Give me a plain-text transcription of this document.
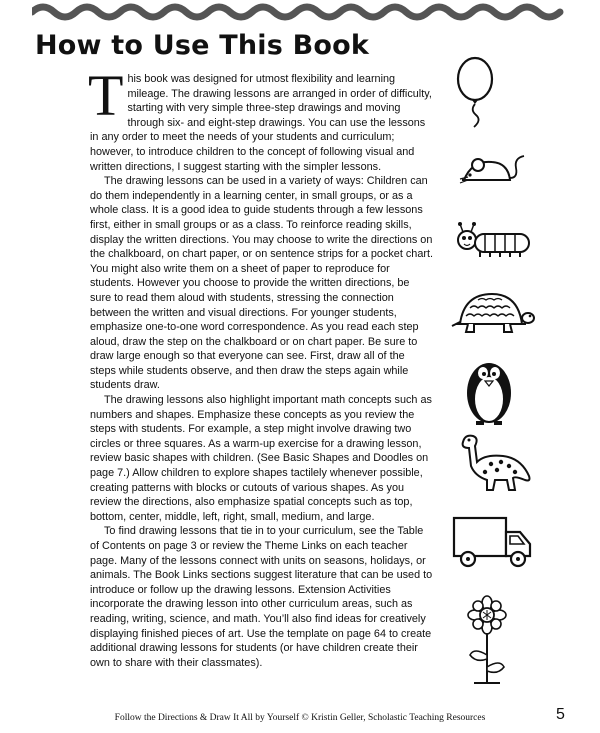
How to Use This Book

This book was designed for utmost flexibility and learning mileage. The drawing lessons are arranged in order of difficulty, starting with very simple three-step drawings and moving through six- and eight-step drawings. You can use the lessons in any order to meet the needs of your students and curriculum; however, to introduce children to the concept of following visual and written directions, I suggest starting with the simpler lessons.

The drawing lessons can be used in a variety of ways: Children can do them independently in a learning center, in small groups, or as a whole class. It is a good idea to guide students through a few lessons first, either in small groups or as a class. To reinforce reading skills, display the written directions. You may choose to write the directions on the chalkboard, on chart paper, or on sentence strips for a pocket chart. You might also write them on a sheet of paper to reproduce for students. However you choose to provide the written directions, be sure to read them aloud with students, stressing the connection between the written and visual directions. For younger students, emphasize one-to-one word correspondence. As you read each step aloud, draw the step on the chalkboard or on chart paper. Be sure to draw large enough so that everyone can see. First, draw all of the steps while students observe, and then draw the steps again while students draw.

The drawing lessons also highlight important math concepts such as numbers and shapes. Emphasize these concepts as you review the steps with students. For example, a step might involve drawing two circles or three squares. As a warm-up exercise for a drawing lesson, review basic shapes with children. (See Basic Shapes and Doodles on page 7.) Allow children to explore shapes tactilely whenever possible, creating patterns with blocks or cutouts of various shapes. As you review the directions, also emphasize spatial concepts such as top, bottom, center, middle, left, right, small, medium, and large.

To find drawing lessons that tie in to your curriculum, see the Table of Contents on page 3 or review the Theme Links on each teacher page. Many of the lessons connect with units on seasons, holidays, or animals. The Book Links sections suggest literature that can be used to introduce or follow up the drawing lessons. Extension Activities incorporate the drawing lesson into other curriculum areas, such as reading, writing, science, and math. You’ll also find ideas for creatively displaying finished pieces of art. Use the template on page 64 to create additional drawing lessons for students (or have children create their own to share with their classmates).

Follow the Directions & Draw It All by Yourself © Kristin Geller, Scholastic Teaching Resources	5
